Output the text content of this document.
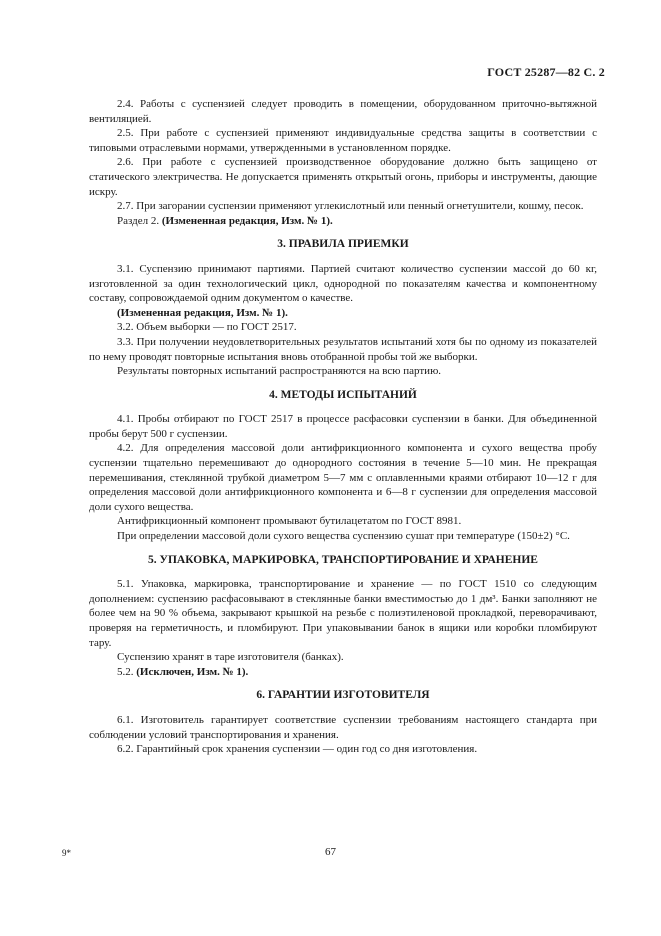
ГОСТ 25287—82 С. 2

2.4. Работы с суспензией следует проводить в помещении, оборудованном приточно-вытяжной вентиляцией.

2.5. При работе с суспензией применяют индивидуальные средства защиты в соответствии с типовыми отраслевыми нормами, утвержденными в установленном порядке.

2.6. При работе с суспензией производственное оборудование должно быть защищено от статического электричества. Не допускается применять открытый огонь, приборы и инструменты, дающие искру.

2.7. При загорании суспензии применяют углекислотный или пенный огнетушители, кошму, песок.

Раздел 2. (Измененная редакция, Изм. № 1).

3. ПРАВИЛА ПРИЕМКИ

3.1. Суспензию принимают партиями. Партией считают количество суспензии массой до 60 кг, изготовленной за один технологический цикл, однородной по показателям качества и компонентному составу, сопровождаемой одним документом о качестве.

(Измененная редакция, Изм. № 1).

3.2. Объем выборки — по ГОСТ 2517.

3.3. При получении неудовлетворительных результатов испытаний хотя бы по одному из показателей по нему проводят повторные испытания вновь отобранной пробы той же выборки.

Результаты повторных испытаний распространяются на всю партию.

4. МЕТОДЫ ИСПЫТАНИЙ

4.1. Пробы отбирают по ГОСТ 2517 в процессе расфасовки суспензии в банки. Для объединенной пробы берут 500 г суспензии.

4.2. Для определения массовой доли антифрикционного компонента и сухого вещества пробу суспензии тщательно перемешивают до однородного состояния в течение 5—10 мин. Не прекращая перемешивания, стеклянной трубкой диаметром 5—7 мм с оплавленными краями отбирают 10—12 г для определения массовой доли антифрикционного компонента и 6—8 г суспензии для определения массовой доли сухого вещества.

Антифрикционный компонент промывают бутилацетатом по ГОСТ 8981.

При определении массовой доли сухого вещества суспензию сушат при температуре (150±2) °С.

5. УПАКОВКА, МАРКИРОВКА, ТРАНСПОРТИРОВАНИЕ И ХРАНЕНИЕ

5.1. Упаковка, маркировка, транспортирование и хранение — по ГОСТ 1510 со следующим дополнением: суспензию расфасовывают в стеклянные банки вместимостью до 1 дм³. Банки заполняют не более чем на 90 % объема, закрывают крышкой на резьбе с полиэтиленовой прокладкой, переворачивают, проверяя на герметичность, и пломбируют. При упаковывании банок в ящики или коробки пломбируют тару.

Суспензию хранят в таре изготовителя (банках).

5.2. (Исключен, Изм. № 1).

6. ГАРАНТИИ ИЗГОТОВИТЕЛЯ

6.1. Изготовитель гарантирует соответствие суспензии требованиям настоящего стандарта при соблюдении условий транспортирования и хранения.

6.2. Гарантийный срок хранения суспензии — один год со дня изготовления.

9*	67
